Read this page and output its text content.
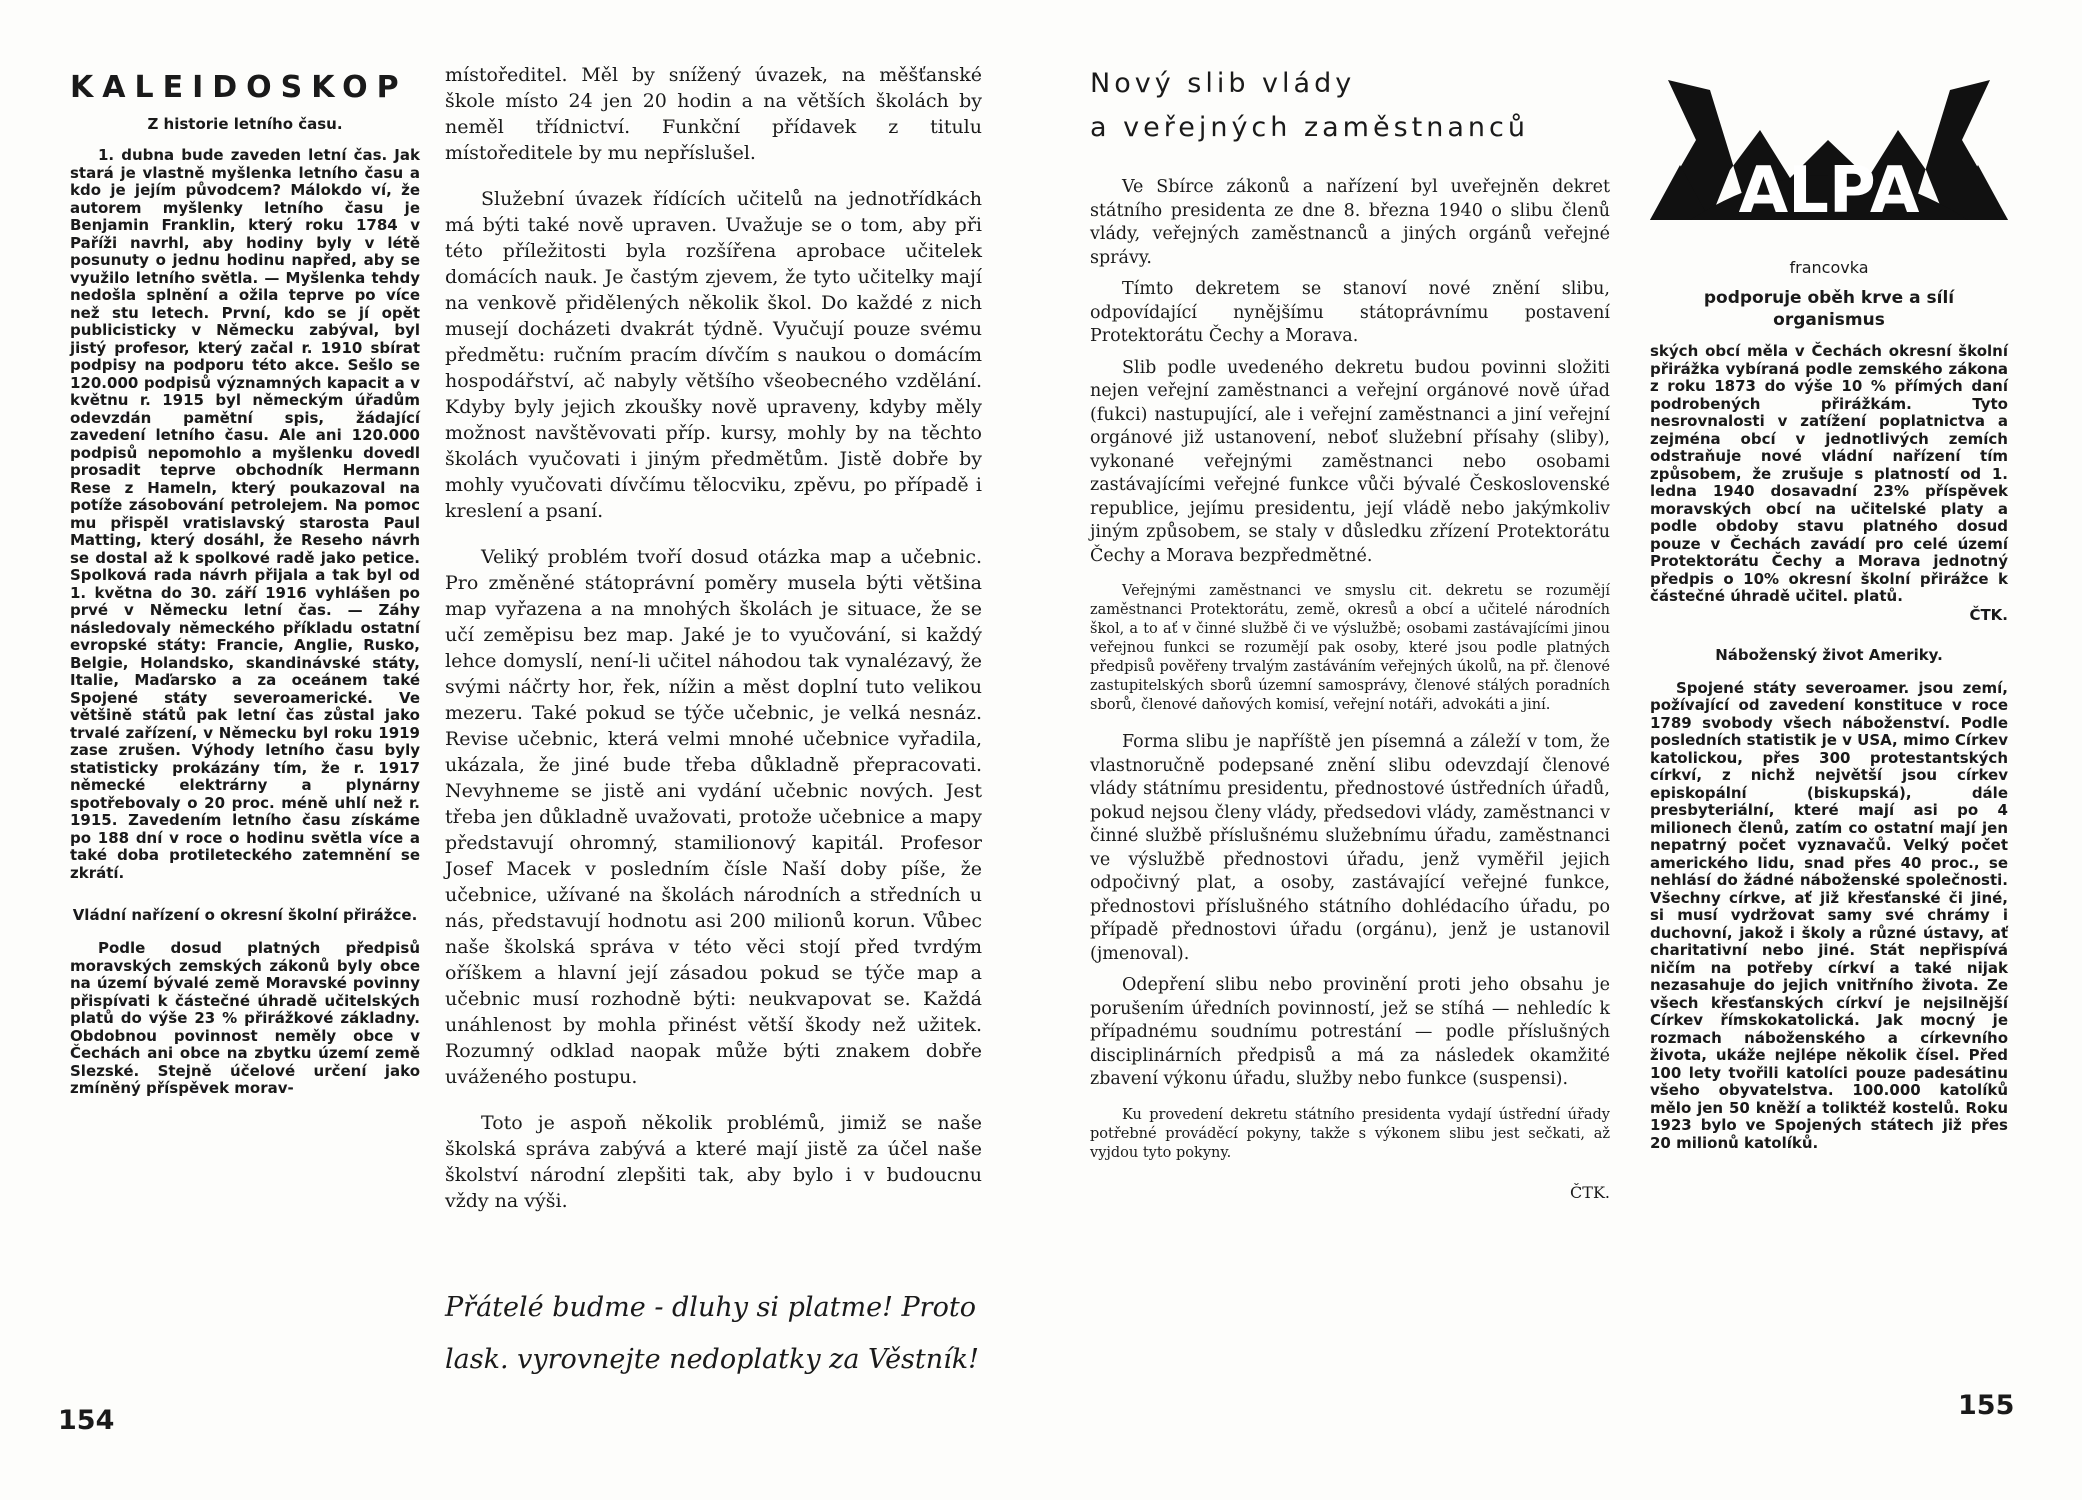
KALEIDOSKOP
Z historie letního času.

1. dubna bude zaveden letní čas. Jak stará je vlastně myšlenka letního času a kdo je jejím původcem? Málokdo ví, že autorem myšlenky letního času je Benjamin Franklin, který roku 1784 v Paříži navrhl, aby hodiny byly v létě posunuty o jednu hodinu napřed, aby se využilo letního světla. — Myšlenka tehdy nedošla splnění a ožila teprve po více než stu letech. První, kdo se jí opět publicisticky v Německu zabýval, byl jistý profesor, který začal r. 1910 sbírat podpisy na podporu této akce. Sešlo se 120.000 podpisů významných kapacit a v květnu r. 1915 byl německým úřadům odevzdán pamětní spis, žádající zavedení letního času. Ale ani 120.000 podpisů nepomohlo a myšlenku dovedl prosadit teprve obchodník Hermann Rese z Hameln, který poukazoval na potíže zásobování petrolejem. Na pomoc mu přispěl vratislavský starosta Paul Matting, který dosáhl, že Reseho návrh se dostal až k spolkové radě jako petice. Spolková rada návrh přijala a tak byl od 1. května do 30. září 1916 vyhlášen po prvé v Německu letní čas. — Záhy následovaly německého příkladu ostatní evropské státy: Francie, Anglie, Rusko, Belgie, Holandsko, skandinávské státy, Italie, Maďarsko a za oceánem také Spojené státy severoamerické. Ve většině států pak letní čas zůstal jako trvalé zařízení, v Německu byl roku 1919 zase zrušen. Výhody letního času byly statisticky prokázány tím, že r. 1917 německé elektrárny a plynárny spotřebovaly o 20 proc. méně uhlí než r. 1915. Zavedením letního času získáme po 188 dní v roce o hodinu světla více a také doba protileteckého zatemnění se zkrátí.

Vládní nařízení o okresní školní přirážce.

Podle dosud platných předpisů moravských zemských zákonů byly obce na území bývalé země Moravské povinny přispívati k částečné úhradě učitelských platů do výše 23 % přirážkové základny. Obdobnou povinnost neměly obce v Čechách ani obce na zbytku území země Slezské. Stejně účelové určení jako zmíněný příspěvek morav-

154

místoředitel. Měl by snížený úvazek, na měšťanské škole místo 24 jen 20 hodin a na větších školách by neměl třídnictví. Funkční přídavek z titulu místoředitele by mu nepříslušel.

Služební úvazek řídících učitelů na jednotřídkách má býti také nově upraven. Uvažuje se o tom, aby při této příležitosti byla rozšířena aprobace učitelek domácích nauk. Je častým zjevem, že tyto učitelky mají na venkově přidělených několik škol. Do každé z nich musejí docházeti dvakrát týdně. Vyučují pouze svému předmětu: ručním pracím dívčím s naukou o domácím hospodářství, ač nabyly většího všeobecného vzdělání. Kdyby byly jejich zkoušky nově upraveny, kdyby měly možnost navštěvovati příp. kursy, mohly by na těchto školách vyučovati i jiným předmětům. Jistě dobře by mohly vyučovati dívčímu tělocviku, zpěvu, po případě i kreslení a psaní.

Veliký problém tvoří dosud otázka map a učebnic. Pro změněné státoprávní poměry musela býti většina map vyřazena a na mnohých školách je situace, že se učí zeměpisu bez map. Jaké je to vyučování, si každý lehce domyslí, není-li učitel náhodou tak vynalézavý, že svými náčrty hor, řek, nížin a měst doplní tuto velikou mezeru. Také pokud se týče učebnic, je velká nesnáz. Revise učebnic, která velmi mnohé učebnice vyřadila, ukázala, že jiné bude třeba důkladně přepracovati. Nevyhneme se jistě ani vydání učebnic nových. Jest třeba jen důkladně uvažovati, protože učebnice a mapy představují ohromný, stamilionový kapitál. Profesor Josef Macek v posledním čísle Naší doby píše, že učebnice, užívané na školách národních a středních u nás, představují hodnotu asi 200 milionů korun. Vůbec naše školská správa v této věci stojí před tvrdým oříškem a hlavní její zásadou pokud se týče map a učebnic musí rozhodně býti: neukvapovat se. Každá unáhlenost by mohla přinést větší škody než užitek. Rozumný odklad naopak může býti znakem dobře uváženého postupu.

Toto je aspoň několik problémů, jimiž se naše školská správa zabývá a které mají jistě za účel naše školství národní zlepšiti tak, aby bylo i v budoucnu vždy na výši.

Přátelé budme - dluhy si platme! Proto lask. vyrovnejte nedoplatky za Věstník!
Nový slib vlády
a veřejných zaměstnanců

Ve Sbírce zákonů a nařízení byl uveřejněn dekret státního presidenta ze dne 8. března 1940 o slibu členů vlády, veřejných zaměstnanců a jiných orgánů veřejné správy.

Tímto dekretem se stanoví nové znění slibu, odpovídající nynějšímu státoprávnímu postavení Protektorátu Čechy a Morava.

Slib podle uvedeného dekretu budou povinni složiti nejen veřejní zaměstnanci a veřejní orgánové nově úřad (fukci) nastupující, ale i veřejní zaměstnanci a jiní veřejní orgánové již ustanovení, neboť služební přísahy (sliby), vykonané veřejnými zaměstnanci nebo osobami zastávajícími veřejné funkce vůči bývalé Československé republice, jejímu presidentu, její vládě nebo jakýmkoliv jiným způsobem, se staly v důsledku zřízení Protektorátu Čechy a Morava bezpředmětné.

Veřejnými zaměstnanci ve smyslu cit. dekretu se rozumějí zaměstnanci Protektorátu, země, okresů a obcí a učitelé národních škol, a to ať v činné službě či ve výslužbě; osobami zastávajícími jinou veřejnou funkci se rozumějí pak osoby, které jsou podle platných předpisů pověřeny trvalým zastáváním veřejných úkolů, na př. členové zastupitelských sborů územní samosprávy, členové stálých poradních sborů, členové daňových komisí, veřejní notáři, advokáti a jiní.

Forma slibu je napříště jen písemná a záleží v tom, že vlastnoručně podepsané znění slibu odevzdají členové vlády státnímu presidentu, přednostové ústředních úřadů, pokud nejsou členy vlády, předsedovi vlády, zaměstnanci v činné službě příslušnému služebnímu úřadu, zaměstnanci ve výslužbě přednostovi úřadu, jenž vyměřil jejich odpočivný plat, a osoby, zastávající veřejné funkce, přednostovi příslušného státního dohlédacího úřadu, po případě přednostovi úřadu (orgánu), jenž je ustanovil (jmenoval).

Odepření slibu nebo provinění proti jeho obsahu je porušením úředních povinností, jež se stíhá — nehledíc k případnému soudnímu potrestání — podle příslušných disciplinárních předpisů a má za následek okamžité zbavení výkonu úřadu, služby nebo funkce (suspensi).

Ku provedení dekretu státního presidenta vydají ústřední úřady potřebné prováděcí pokyny, takže s výkonem slibu jest sečkati, až vyjdou tyto pokyny.

ČTK.
ALPA
francovka
podporuje oběh krve a sílí organismus

ských obcí měla v Čechách okresní školní přirážka vybíraná podle zemského zákona z roku 1873 do výše 10 % přímých daní podrobených přirážkám. Tyto nesrovnalosti v zatížení poplatnictva a zejména obcí v jednotlivých zemích odstraňuje nové vládní nařízení tím způsobem, že zrušuje s platností od 1. ledna 1940 dosavadní 23% příspěvek moravských obcí na učitelské platy a podle obdoby stavu platného dosud pouze v Čechách zavádí pro celé území Protektorátu Čechy a Morava jednotný předpis o 10% okresní školní přirážce k částečné úhradě učitel. platů.

ČTK.
Náboženský život Ameriky.

Spojené státy severoamer. jsou zemí, požívající od zavedení konstituce v roce 1789 svobody všech náboženství. Podle posledních statistik je v USA, mimo Církev katolickou, přes 300 protestantských církví, z nichž největší jsou církev episkopální (biskupská), dále presbyteriální, které mají asi po 4 milionech členů, zatím co ostatní mají jen nepatrný počet vyznavačů. Velký počet amerického lidu, snad přes 40 proc., se nehlásí do žádné náboženské společnosti. Všechny církve, ať již křesťanské či jiné, si musí vydržovat samy své chrámy i duchovní, jakož i školy a různé ústavy, ať charitativní nebo jiné. Stát nepřispívá ničím na potřeby církví a také nijak nezasahuje do jejich vnitřního života. Ze všech křesťanských církví je nejsilnější Církev římskokatolická. Jak mocný je rozmach náboženského a církevního života, ukáže nejlépe několik čísel. Před 100 lety tvořili katolíci pouze padesátinu všeho obyvatelstva. 100.000 katolíků mělo jen 50 kněží a toliktéž kostelů. Roku 1923 bylo ve Spojených státech již přes 20 milionů katolíků.

155
